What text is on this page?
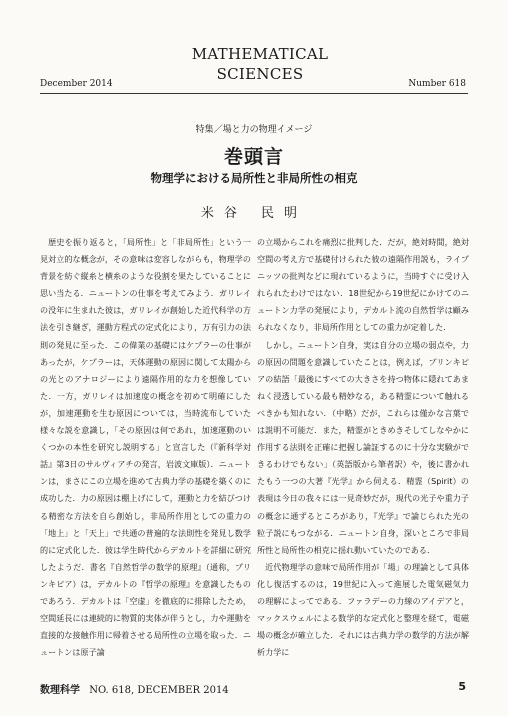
December 2014
MATHEMATICAL
SCIENCES
Number 618
特集／場と力の物理イメージ
巻頭言
物理学における局所性と非局所性の相克
米谷 民明

歴史を振り返ると，「局所性」と「非局所性」という一見対立的な概念が，その意味は変容しながらも，物理学の背景を紡ぐ縦糸と横糸のような役割を果たしていることに思い当たる．ニュートンの仕事を考えてみよう．ガリレイの没年に生まれた彼は，ガリレイが創始した近代科学の方法を引き継ぎ，運動方程式の定式化により，万有引力の法則の発見に至った．この偉業の基礎にはケプラーの仕事があったが，ケプラーは，天体運動の原因に関して太陽からの光とのアナロジーにより遠隔作用的な力を想像していた．一方，ガリレイは加速度の概念を初めて明確にしたが，加速運動を生む原因については，当時流布していた様々な説を意識し，「その原因は何であれ，加速運動のいくつかの本性を研究し説明する」と宣言した（『新科学対話』第3日のサルヴィアチの発言，岩波文庫版）．ニュートンは，まさにこの立場を進めて古典力学の基礎を築くのに成功した．力の原因は棚上げにして，運動と力を結びつける精密な方法を自ら創始し，非局所作用としての重力の「地上」と「天上」で共通の普遍的な法則性を発見し数学的に定式化した．彼は学生時代からデカルトを詳細に研究したようだ．書名『自然哲学の数学的原理』（通称，プリンキピア）は，デカルトの『哲学の原理』を意識したものであろう．デカルトは「空虚」を徹底的に排除したため，空間延長には連続的に物質的実体が伴うとし，力や運動を直接的な接触作用に帰着させる局所性の立場を取った．ニュートンは原子論

の立場からこれを痛烈に批判した．だが，絶対時間，絶対空間の考え方で基礎付けられた彼の遠隔作用説も，ライプニッツの批判などに現れているように，当時すぐに受け入れられたわけではない．18世紀から19世紀にかけてのニュートン力学の発展により，デカルト流の自然哲学は顧みられなくなり，非局所作用としての重力が定着した．

しかし，ニュートン自身，実は自分の立場の弱点や，力の原因の問題を意識していたことは，例えば，プリンキピアの結語「最後にすべての大きさを持つ物体に隠れてあまねく浸透している最も精妙なる，ある精霊について触れるべきかも知れない．（中略）だが，これらは僅かな言葉では説明不可能だ．また，精霊がときめきそしてしなやかに作用する法則を正確に把握し論証するのに十分な実験ができるわけでもない」（英語版から筆者訳）や，後に書かれたもう一つの大著『光学』から伺える．精霊（Spirit）の表現は今日の我々には一見奇妙だが，現代の光子や重力子の概念に通ずるところがあり，『光学』で論じられた光の粒子説にもつながる．ニュートン自身，深いところで非局所性と局所性の相克に揺れ動いていたのである．

近代物理学の意味で局所作用が「場」の理論として具体化し復活するのは，19世紀に入って進展した電気磁気力の理解によってである．ファラデーの力線のアイデアと，マックスウェルによる数学的な定式化と整理を経て，電磁場の概念が確立した．それには古典力学の数学的方法が解析力学に

数理科学 NO. 618, DECEMBER 2014	5
